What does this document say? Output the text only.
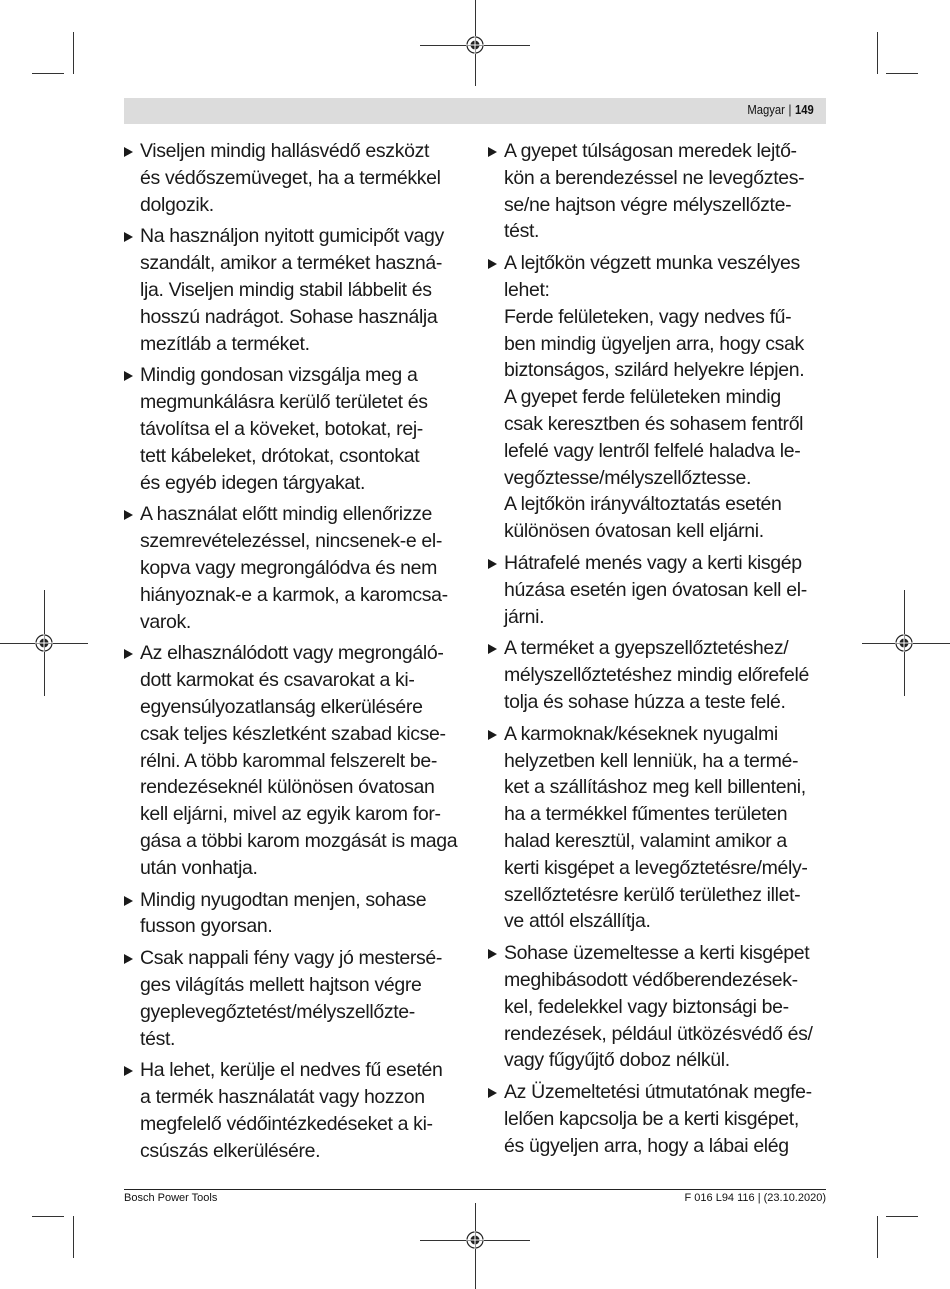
Magyar | 149
Viseljen mindig hallásvédő eszközt
és védőszemüveget, ha a termékkel
dolgozik.
Na használjon nyitott gumicipőt vagy
szandált, amikor a terméket haszná-
lja. Viseljen mindig stabil lábbelit és
hosszú nadrágot. Sohase használja
mezítláb a terméket.
Mindig gondosan vizsgálja meg a
megmunkálásra kerülő területet és
távolítsa el a köveket, botokat, rej-
tett kábeleket, drótokat, csontokat
és egyéb idegen tárgyakat.
A használat előtt mindig ellenőrizze
szemrevételezéssel, nincsenek-e el-
kopva vagy megrongálódva és nem
hiányoznak-e a karmok, a karomcsa-
varok.
Az elhasználódott vagy megrongáló-
dott karmokat és csavarokat a ki-
egyensúlyozatlanság elkerülésére
csak teljes készletként szabad kicse-
rélni. A több karommal felszerelt be-
rendezéseknél különösen óvatosan
kell eljárni, mivel az egyik karom for-
gása a többi karom mozgását is maga
után vonhatja.
Mindig nyugodtan menjen, sohase
fusson gyorsan.
Csak nappali fény vagy jó mestersé-
ges világítás mellett hajtson végre
gyeplevegőztetést/mélyszellőzte-
tést.
Ha lehet, kerülje el nedves fű esetén
a termék használatát vagy hozzon
megfelelő védőintézkedéseket a ki-
csúszás elkerülésére.
A gyepet túlságosan meredek lejtő-
kön a berendezéssel ne levegőztes-
se/ne hajtson végre mélyszellőzte-
tést.
A lejtőkön végzett munka veszélyes
lehet:
Ferde felületeken, vagy nedves fű-
ben mindig ügyeljen arra, hogy csak
biztonságos, szilárd helyekre lépjen.
A gyepet ferde felületeken mindig
csak keresztben és sohasem fentről
lefelé vagy lentről felfelé haladva le-
vegőztesse/mélyszellőztesse.
A lejtőkön irányváltoztatás esetén
különösen óvatosan kell eljárni.
Hátrafelé menés vagy a kerti kisgép
húzása esetén igen óvatosan kell el-
járni.
A terméket a gyepszellőztetéshez/
mélyszellőztetéshez mindig előrefelé
tolja és sohase húzza a teste felé.
A karmoknak/késeknek nyugalmi
helyzetben kell lenniük, ha a termé-
ket a szállításhoz meg kell billenteni,
ha a termékkel fűmentes területen
halad keresztül, valamint amikor a
kerti kisgépet a levegőztetésre/mély-
szellőztetésre kerülő területhez illet-
ve attól elszállítja.
Sohase üzemeltesse a kerti kisgépet
meghibásodott védőberendezések-
kel, fedelekkel vagy biztonsági be-
rendezések, például ütközésvédő és/
vagy fűgyűjtő doboz nélkül.
Az Üzemeltetési útmutatónak megfe-
lelően kapcsolja be a kerti kisgépet,
és ügyeljen arra, hogy a lábai elég
Bosch Power Tools	F 016 L94 116 | (23.10.2020)
